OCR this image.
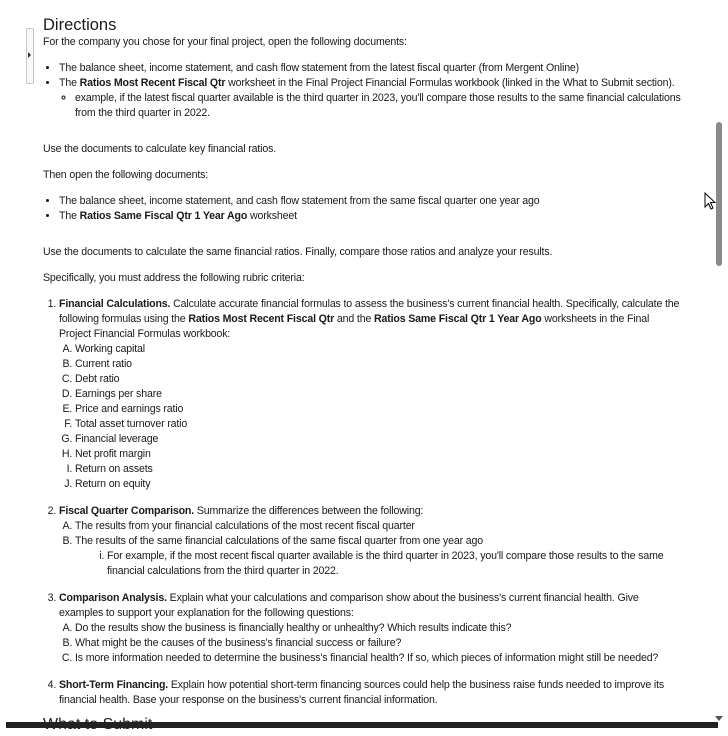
Directions

For the company you chose for your final project, open the following documents:

• The balance sheet, income statement, and cash flow statement from the latest fiscal quarter (from Mergent Online)
• The Ratios Most Recent Fiscal Qtr worksheet in the Final Project Financial Formulas workbook (linked in the What to Submit section).
◦ example, if the latest fiscal quarter available is the third quarter in 2023, you'll compare those results to the same financial calculations from the third quarter in 2022.

Use the documents to calculate key financial ratios.

Then open the following documents:

• The balance sheet, income statement, and cash flow statement from the same fiscal quarter one year ago
• The Ratios Same Fiscal Qtr 1 Year Ago worksheet

Use the documents to calculate the same financial ratios. Finally, compare those ratios and analyze your results.

Specifically, you must address the following rubric criteria:

1. Financial Calculations. Calculate accurate financial formulas to assess the business's current financial health. Specifically, calculate the following formulas using the Ratios Most Recent Fiscal Qtr and the Ratios Same Fiscal Qtr 1 Year Ago worksheets in the Final Project Financial Formulas workbook:
A. Working capital
B. Current ratio
C. Debt ratio
D. Earnings per share
E. Price and earnings ratio
F. Total asset turnover ratio
G. Financial leverage
H. Net profit margin
I. Return on assets
J. Return on equity
2. Fiscal Quarter Comparison. Summarize the differences between the following:
A. The results from your financial calculations of the most recent fiscal quarter
B. The results of the same financial calculations of the same fiscal quarter from one year ago
i. For example, if the most recent fiscal quarter available is the third quarter in 2023, you'll compare those results to the same financial calculations from the third quarter in 2022.
3. Comparison Analysis. Explain what your calculations and comparison show about the business's current financial health. Give examples to support your explanation for the following questions:
A. Do the results show the business is financially healthy or unhealthy? Which results indicate this?
B. What might be the causes of the business's financial success or failure?
C. Is more information needed to determine the business's financial health? If so, which pieces of information might still be needed?
4. Short-Term Financing. Explain how potential short-term financing sources could help the business raise funds needed to improve its financial health. Base your response on the business's current financial information.
